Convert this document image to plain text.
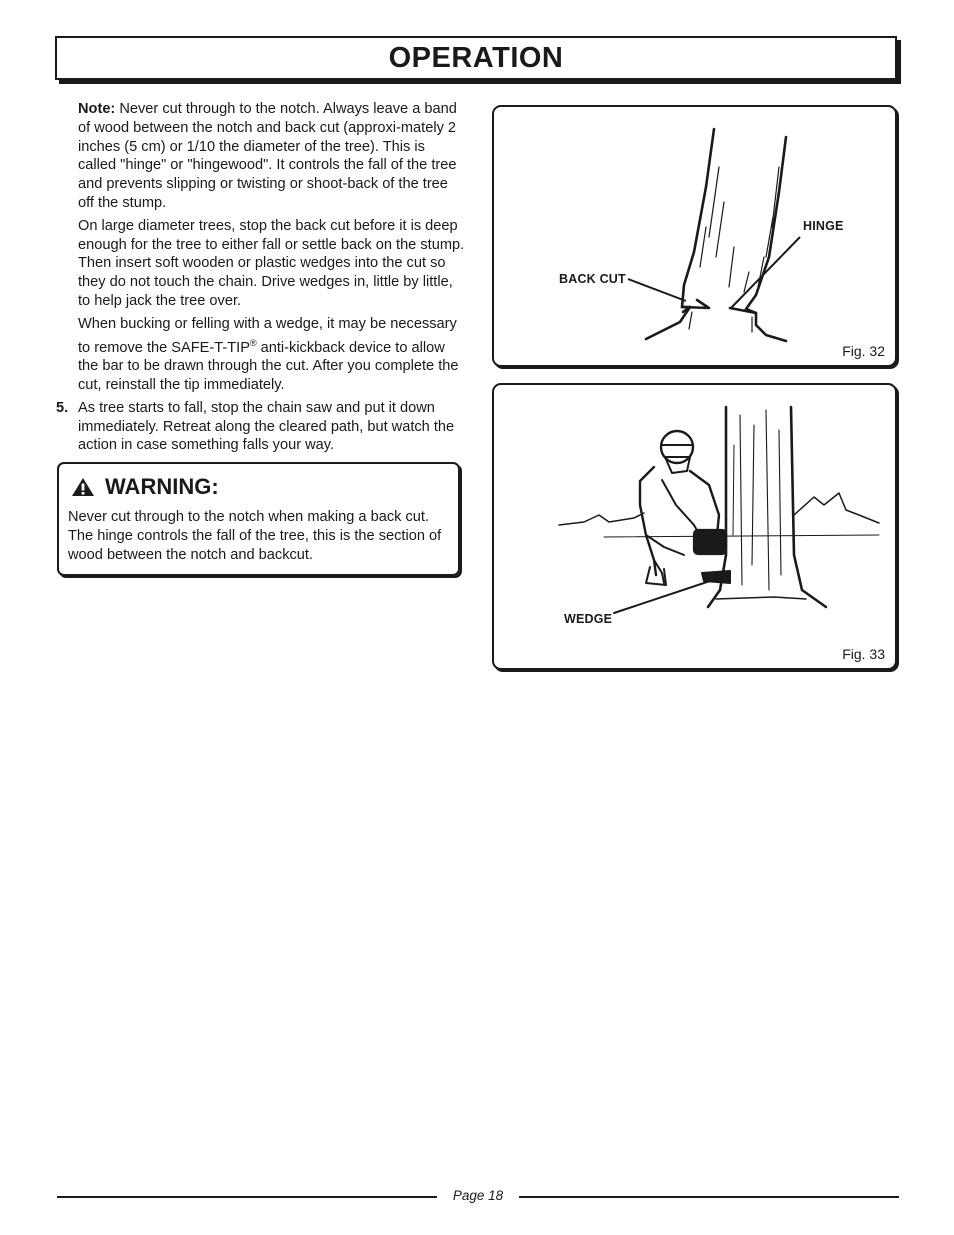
OPERATION

Note: Never cut through to the notch. Always leave a band of wood between the notch and back cut (approxi-mately 2 inches (5 cm) or 1/10 the diameter of the tree). This is called "hinge" or "hingewood". It controls the fall of the tree and prevents slipping or twisting or shoot-back of the tree off the stump.

On large diameter trees, stop the back cut before it is deep enough for the tree to either fall or settle back on the stump. Then insert soft wooden or plastic wedges into the cut so they do not touch the chain. Drive wedges in, little by little, to help jack the tree over.

When bucking or felling with a wedge, it may be necessary to remove the SAFE-T-TIP® anti-kickback device to allow the bar to be drawn through the cut. After you complete the cut, reinstall the tip immediately.

5. As tree starts to fall, stop the chain saw and put it down immediately. Retreat along the cleared path, but watch the action in case something falls your way.
WARNING:

Never cut through to the notch when making a back cut. The hinge controls the fall of the tree, this is the section of wood between the notch and backcut.

HINGE
BACK CUT
Fig. 32
WEDGE
Fig. 33
Page 18
